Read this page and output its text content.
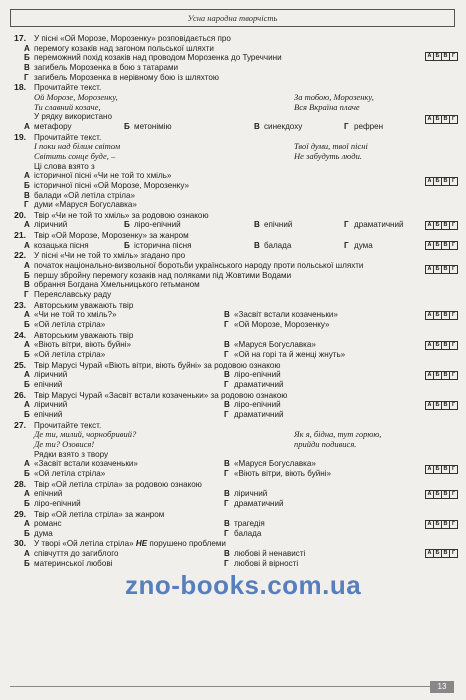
Усна народна творчість
17. У пісні «Ой Морозе, Морозенку» розповідається про
А перемогу козаків над загоном польської шляхти
Б переможний похід козаків над проводом Морозенка до Туреччини
В загибель Морозенка в бою з татарами
Г загибель Морозенка в нерівному бою із шляхтою
А Б В Г
18. Прочитайте текст.
Ой Морозе, Морозенку,	За тобою, Морозенку,
Ти славний козаче,	Вся Вкраїна плаче
У рядку використано
А метафору	Б метонімію	В синекдоху	Г рефрен
А Б В Г
19. Прочитайте текст.
І поки над білим світом	Твої думи, твої пісні
Світить сонце буде, –	Не забудуть люди.
Ці слова взято з
А історичної пісні «Чи не той то хміль»
Б історичної пісні «Ой Морозе, Морозенку»
В балади «Ой летіла стріла»
Г думи «Маруся Богуславка»
А Б В Г
20. Твір «Чи не той то хміль» за родовою ознакою
А ліричний	Б ліро-епічний	В епічний	Г драматичний	А Б В Г
21. Твір «Ой Морозе, Морозенку» за жанром
А козацька пісня	Б історична пісня	В балада	Г дума	А Б В Г
22. У пісні «Чи не той то хміль» згадано про
А початок національно-визвольної боротьби українського народу проти польської шляхти
Б першу збройну перемогу козаків над поляками під Жовтими Водами
В обрання Богдана Хмельницького гетьманом
Г Переяславську раду
А Б В Г
23. Авторським уважають твір
А «Чи не той то хміль?»	В «Засвіт встали козаченьки»
Б «Ой летіла стріла»	Г «Ой Морозе, Морозенку»
А Б В Г
24. Авторським уважають твір
А «Віють вітри, віють буйні»	В «Маруся Богуславка»
Б «Ой летіла стріла»	Г «Ой на горі та й женці жнуть»
А Б В Г
25. Твір Марусі Чурай «Віють вітри, віють буйні» за родовою ознакою
А ліричний	В ліро-епічний
Б епічний	Г драматичний
А Б В Г
26. Твір Марусі Чурай «Засвіт встали козаченьки» за родовою ознакою
А ліричний	В ліро-епічний
Б епічний	Г драматичний
А Б В Г
27. Прочитайте текст.
Де ти, милий, чорнобривий?	Як я, бідна, тут горюю,
Де ти? Озовися!	прийди подивися.
Рядки взято з твору
А «Засвіт встали козаченьки»	В «Маруся Богуславка»
Б «Ой летіла стріла»	Г «Віють вітри, віють буйні»
А Б В Г
28. Твір «Ой летіла стріла» за родовою ознакою
А епічний	В ліричний
Б ліро-епічний	Г драматичний
А Б В Г
29. Твір «Ой летіла стріла» за жанром
А романс	В трагедія
Б дума	Г балада
А Б В Г
30. У творі «Ой летіла стріла» НЕ порушено проблеми
А співчуття до загиблого	В любові й ненависті
Б материнської любові	Г любові й вірності
А Б В Г
zno-books.com.ua
13
